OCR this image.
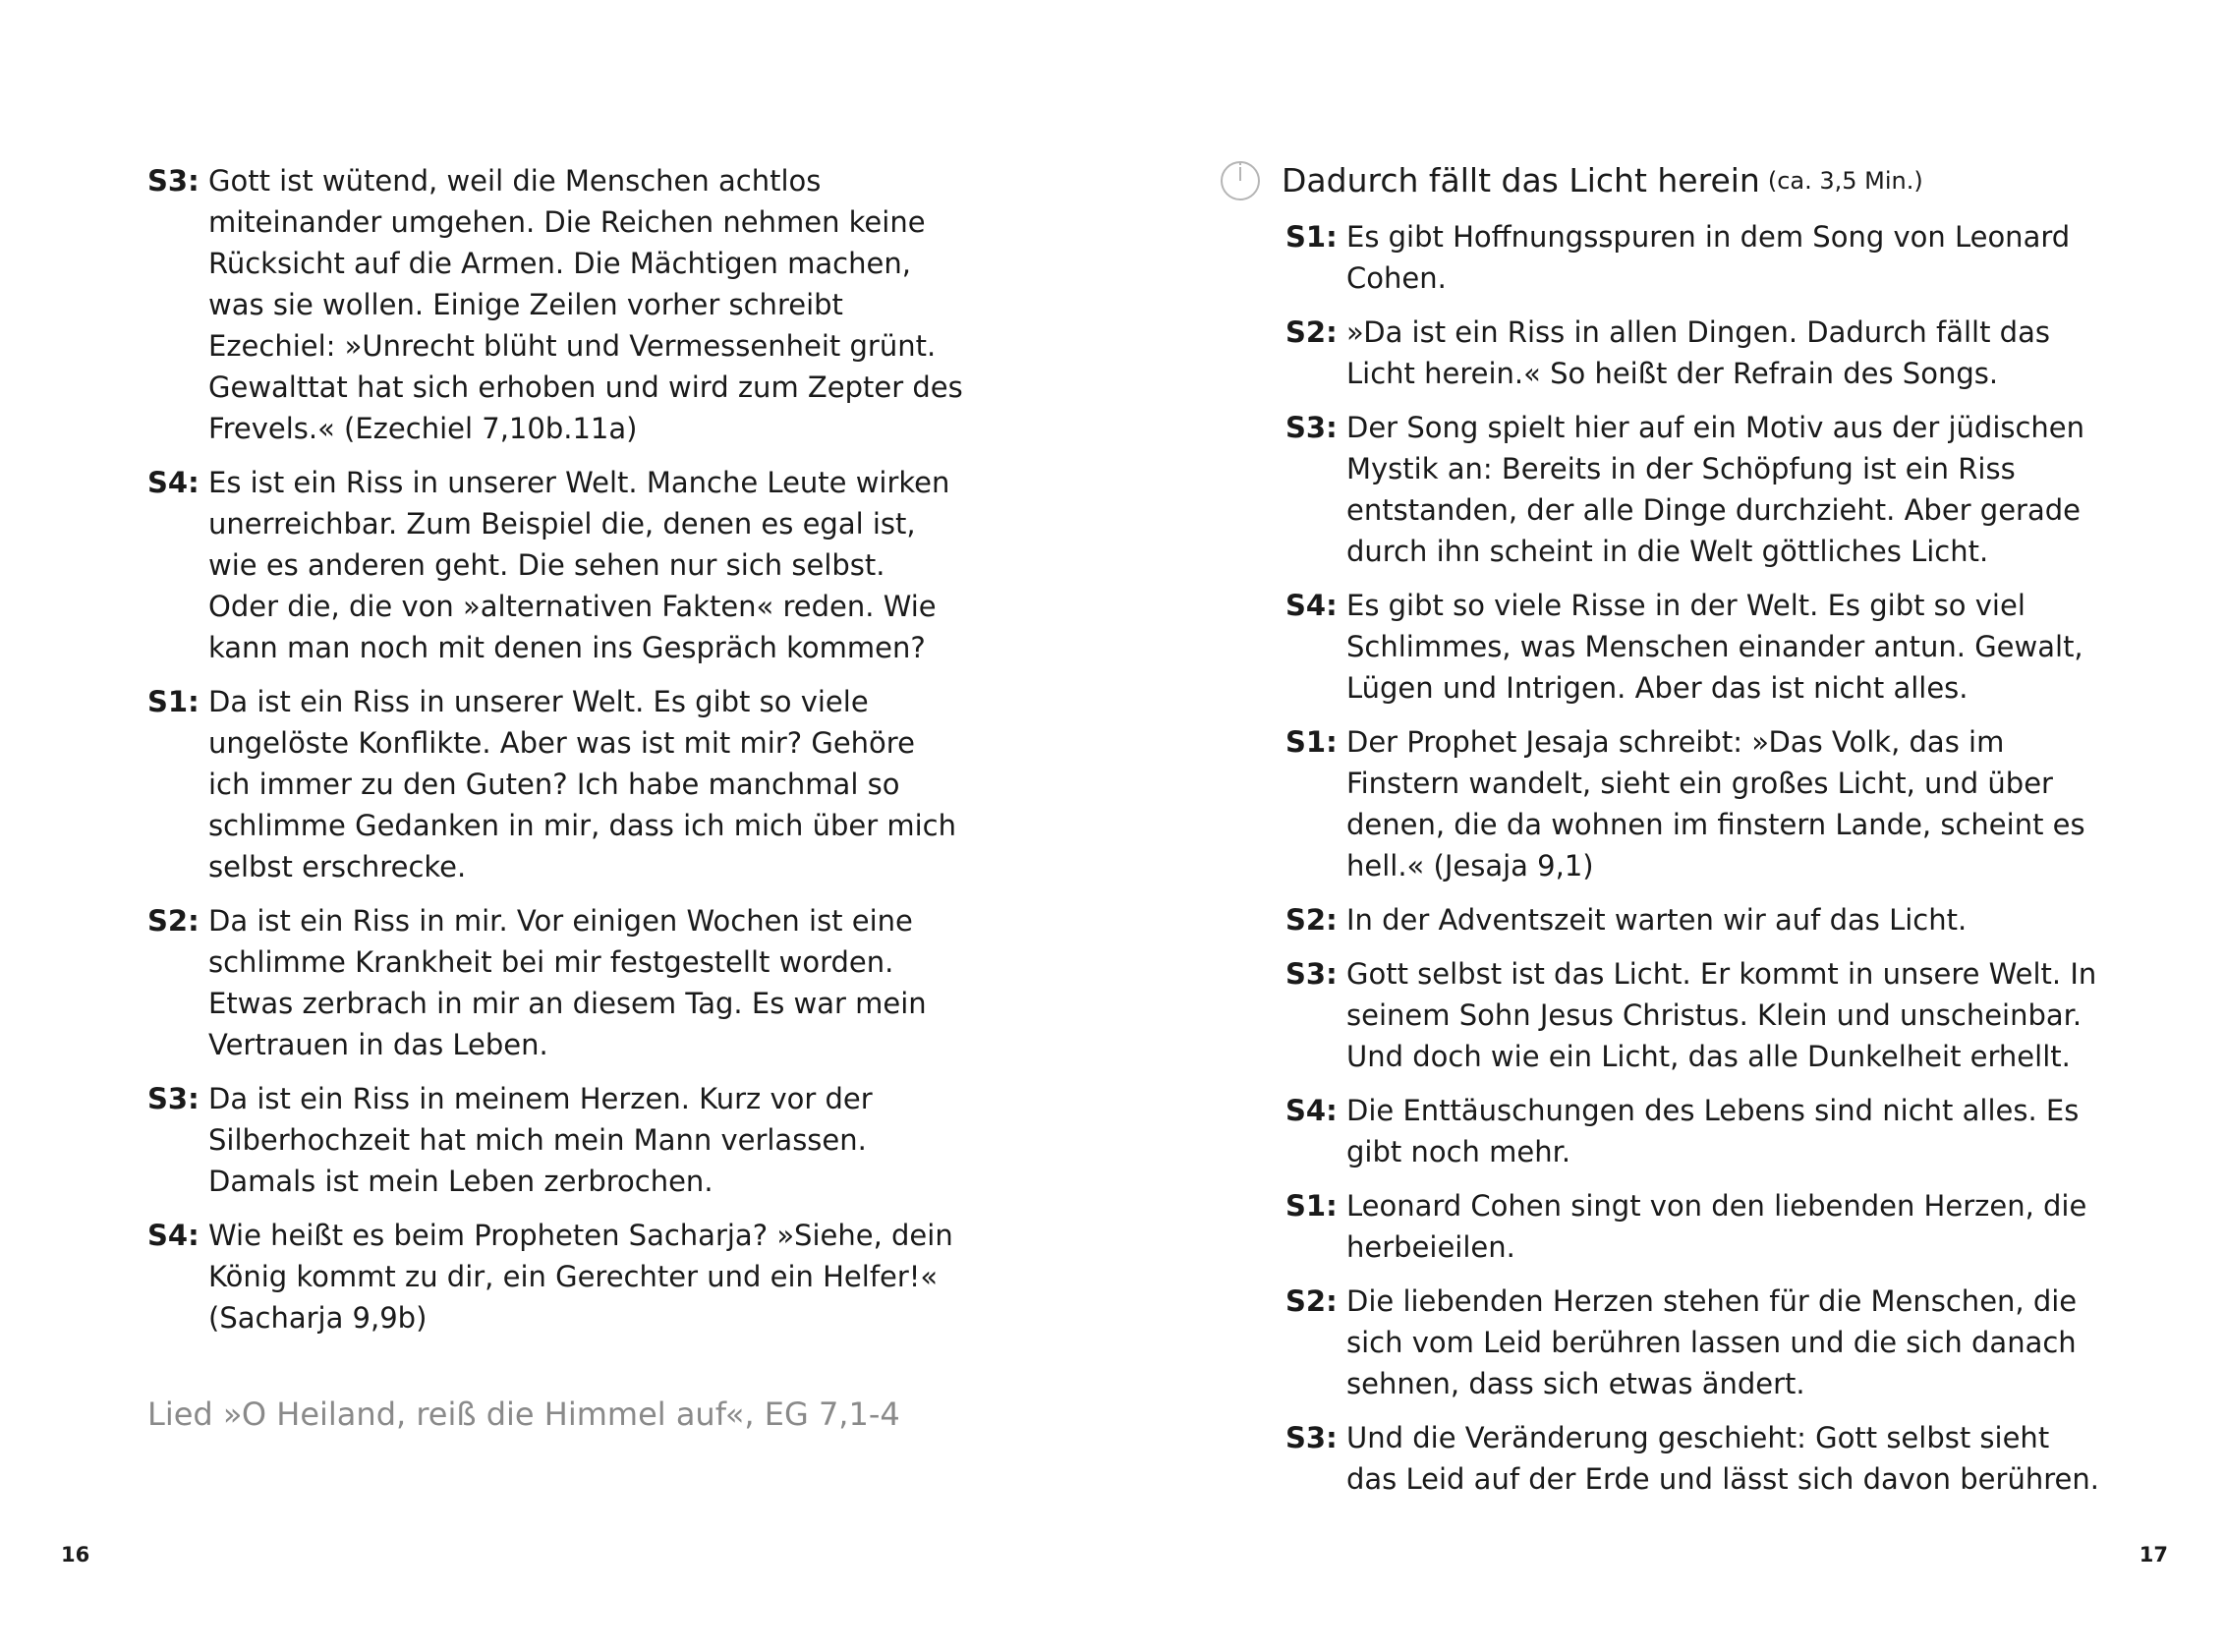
S3: Gott ist wütend, weil die Menschen achtlos miteinander umgehen. Die Reichen nehmen keine Rücksicht auf die Armen. Die Mächtigen machen, was sie wollen. Einige Zeilen vorher schreibt Ezechiel: »Unrecht blüht und Vermessenheit grünt. Gewalttat hat sich erhoben und wird zum Zepter des Frevels.« (Ezechiel 7,10b.11a)
S4: Es ist ein Riss in unserer Welt. Manche Leute wirken unerreichbar. Zum Beispiel die, denen es egal ist, wie es anderen geht. Die sehen nur sich selbst. Oder die, die von »alternativen Fakten« reden. Wie kann man noch mit denen ins Gespräch kommen?
S1: Da ist ein Riss in unserer Welt. Es gibt so viele ungelöste Konflikte. Aber was ist mit mir? Gehöre ich immer zu den Guten? Ich habe manchmal so schlimme Gedanken in mir, dass ich mich über mich selbst erschrecke.
S2: Da ist ein Riss in mir. Vor einigen Wochen ist eine schlimme Krankheit bei mir festgestellt worden. Etwas zerbrach in mir an diesem Tag. Es war mein Vertrauen in das Leben.
S3: Da ist ein Riss in meinem Herzen. Kurz vor der Silberhochzeit hat mich mein Mann verlassen. Damals ist mein Leben zerbrochen.
S4: Wie heißt es beim Propheten Sacharja? »Siehe, dein König kommt zu dir, ein Gerechter und ein Helfer!« (Sacharja 9,9b)
Lied »O Heiland, reiß die Himmel auf«, EG 7,1-4
16
Dadurch fällt das Licht herein (ca. 3,5 Min.)
S1: Es gibt Hoffnungsspuren in dem Song von Leonard Cohen.
S2: »Da ist ein Riss in allen Dingen. Dadurch fällt das Licht herein.« So heißt der Refrain des Songs.
S3: Der Song spielt hier auf ein Motiv aus der jüdischen Mystik an: Bereits in der Schöpfung ist ein Riss entstanden, der alle Dinge durchzieht. Aber gerade durch ihn scheint in die Welt göttliches Licht.
S4: Es gibt so viele Risse in der Welt. Es gibt so viel Schlimmes, was Menschen einander antun. Gewalt, Lügen und Intrigen. Aber das ist nicht alles.
S1: Der Prophet Jesaja schreibt: »Das Volk, das im Finstern wandelt, sieht ein großes Licht, und über denen, die da wohnen im finstern Lande, scheint es hell.« (Jesaja 9,1)
S2: In der Adventszeit warten wir auf das Licht.
S3: Gott selbst ist das Licht. Er kommt in unsere Welt. In seinem Sohn Jesus Christus. Klein und unscheinbar. Und doch wie ein Licht, das alle Dunkelheit erhellt.
S4: Die Enttäuschungen des Lebens sind nicht alles. Es gibt noch mehr.
S1: Leonard Cohen singt von den liebenden Herzen, die herbeieilen.
S2: Die liebenden Herzen stehen für die Menschen, die sich vom Leid berühren lassen und die sich danach sehnen, dass sich etwas ändert.
S3: Und die Veränderung geschieht: Gott selbst sieht das Leid auf der Erde und lässt sich davon berühren.
17
